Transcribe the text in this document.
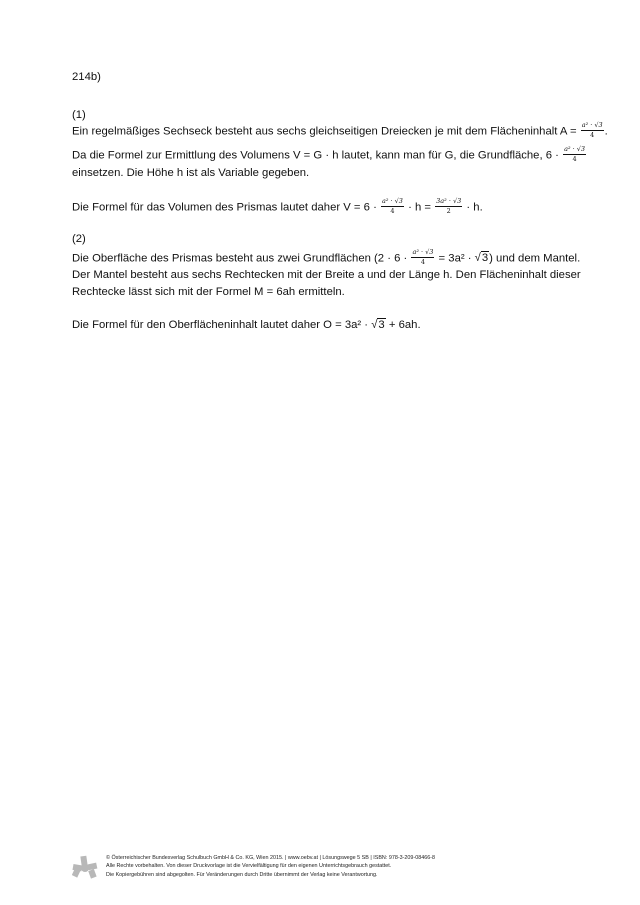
214b)
(1)
Ein regelmäßiges Sechseck besteht aus sechs gleichseitigen Dreiecken je mit dem Flächeninhalt $A = \frac{\text{a² · √3}}{4}$ .
Da die Formel zur Ermittlung des Volumens V = G · h lautet, kann man für G, die Grundfläche, $6 \cdot \frac{\text{a² · √3}}{4}$
einsetzen. Die Höhe h ist als Variable gegeben.
Die Formel für das Volumen des Prismas lautet daher $V = 6 \cdot \frac{\text{a² · √3}}{4} \cdot h = \frac{\text{3a² · √3}}{2} \cdot h$.
(2)
Die Oberfläche des Prismas besteht aus zwei Grundflächen $(2 \cdot 6 \cdot \frac{\text{a² · √3}}{4} = 3a^2 \cdot √3)$ und dem Mantel.
Der Mantel besteht aus sechs Rechtecken mit der Breite a und der Länge h. Den Flächeninhalt dieser
Rechtecke lässt sich mit der Formel M = 6ah ermitteln.
Die Formel für den Oberflächeninhalt lautet daher O = 3a² · √3 + 6ah.
© Österreichischer Bundesverlag Schulbuch GmbH & Co. KG, Wien 2015. | www.oebv.at | Lösungswege 5 SB | ISBN: 978-3-209-08466-8
Alle Rechte vorbehalten. Von dieser Druckvorlage ist die Vervielfältigung für den eigenen Unterrichtsgebrauch gestattet.
Die Kopiergebühren sind abgegolten. Für Veränderungen durch Dritte übernimmt der Verlag keine Verantwortung.
